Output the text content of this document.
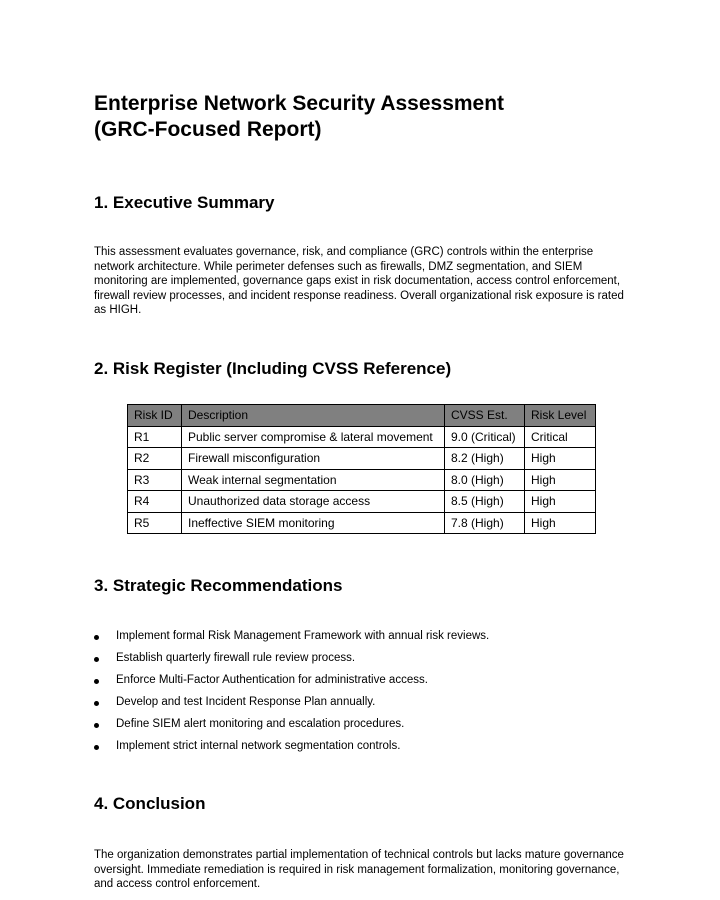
Enterprise Network Security Assessment
(GRC-Focused Report)
1. Executive Summary

This assessment evaluates governance, risk, and compliance (GRC) controls within the enterprise network architecture. While perimeter defenses such as firewalls, DMZ segmentation, and SIEM monitoring are implemented, governance gaps exist in risk documentation, access control enforcement, firewall review processes, and incident response readiness. Overall organizational risk exposure is rated as HIGH.

2. Risk Register (Including CVSS Reference)
Risk ID	Description	CVSS Est.	Risk Level
R1	Public server compromise & lateral movement	9.0 (Critical)	Critical
R2	Firewall misconfiguration	8.2 (High)	High
R3	Weak internal segmentation	8.0 (High)	High
R4	Unauthorized data storage access	8.5 (High)	High
R5	Ineffective SIEM monitoring	7.8 (High)	High
3. Strategic Recommendations
Implement formal Risk Management Framework with annual risk reviews.
Establish quarterly firewall rule review process.
Enforce Multi-Factor Authentication for administrative access.
Develop and test Incident Response Plan annually.
Define SIEM alert monitoring and escalation procedures.
Implement strict internal network segmentation controls.
4. Conclusion

The organization demonstrates partial implementation of technical controls but lacks mature governance oversight. Immediate remediation is required in risk management formalization, monitoring governance, and access control enforcement.
